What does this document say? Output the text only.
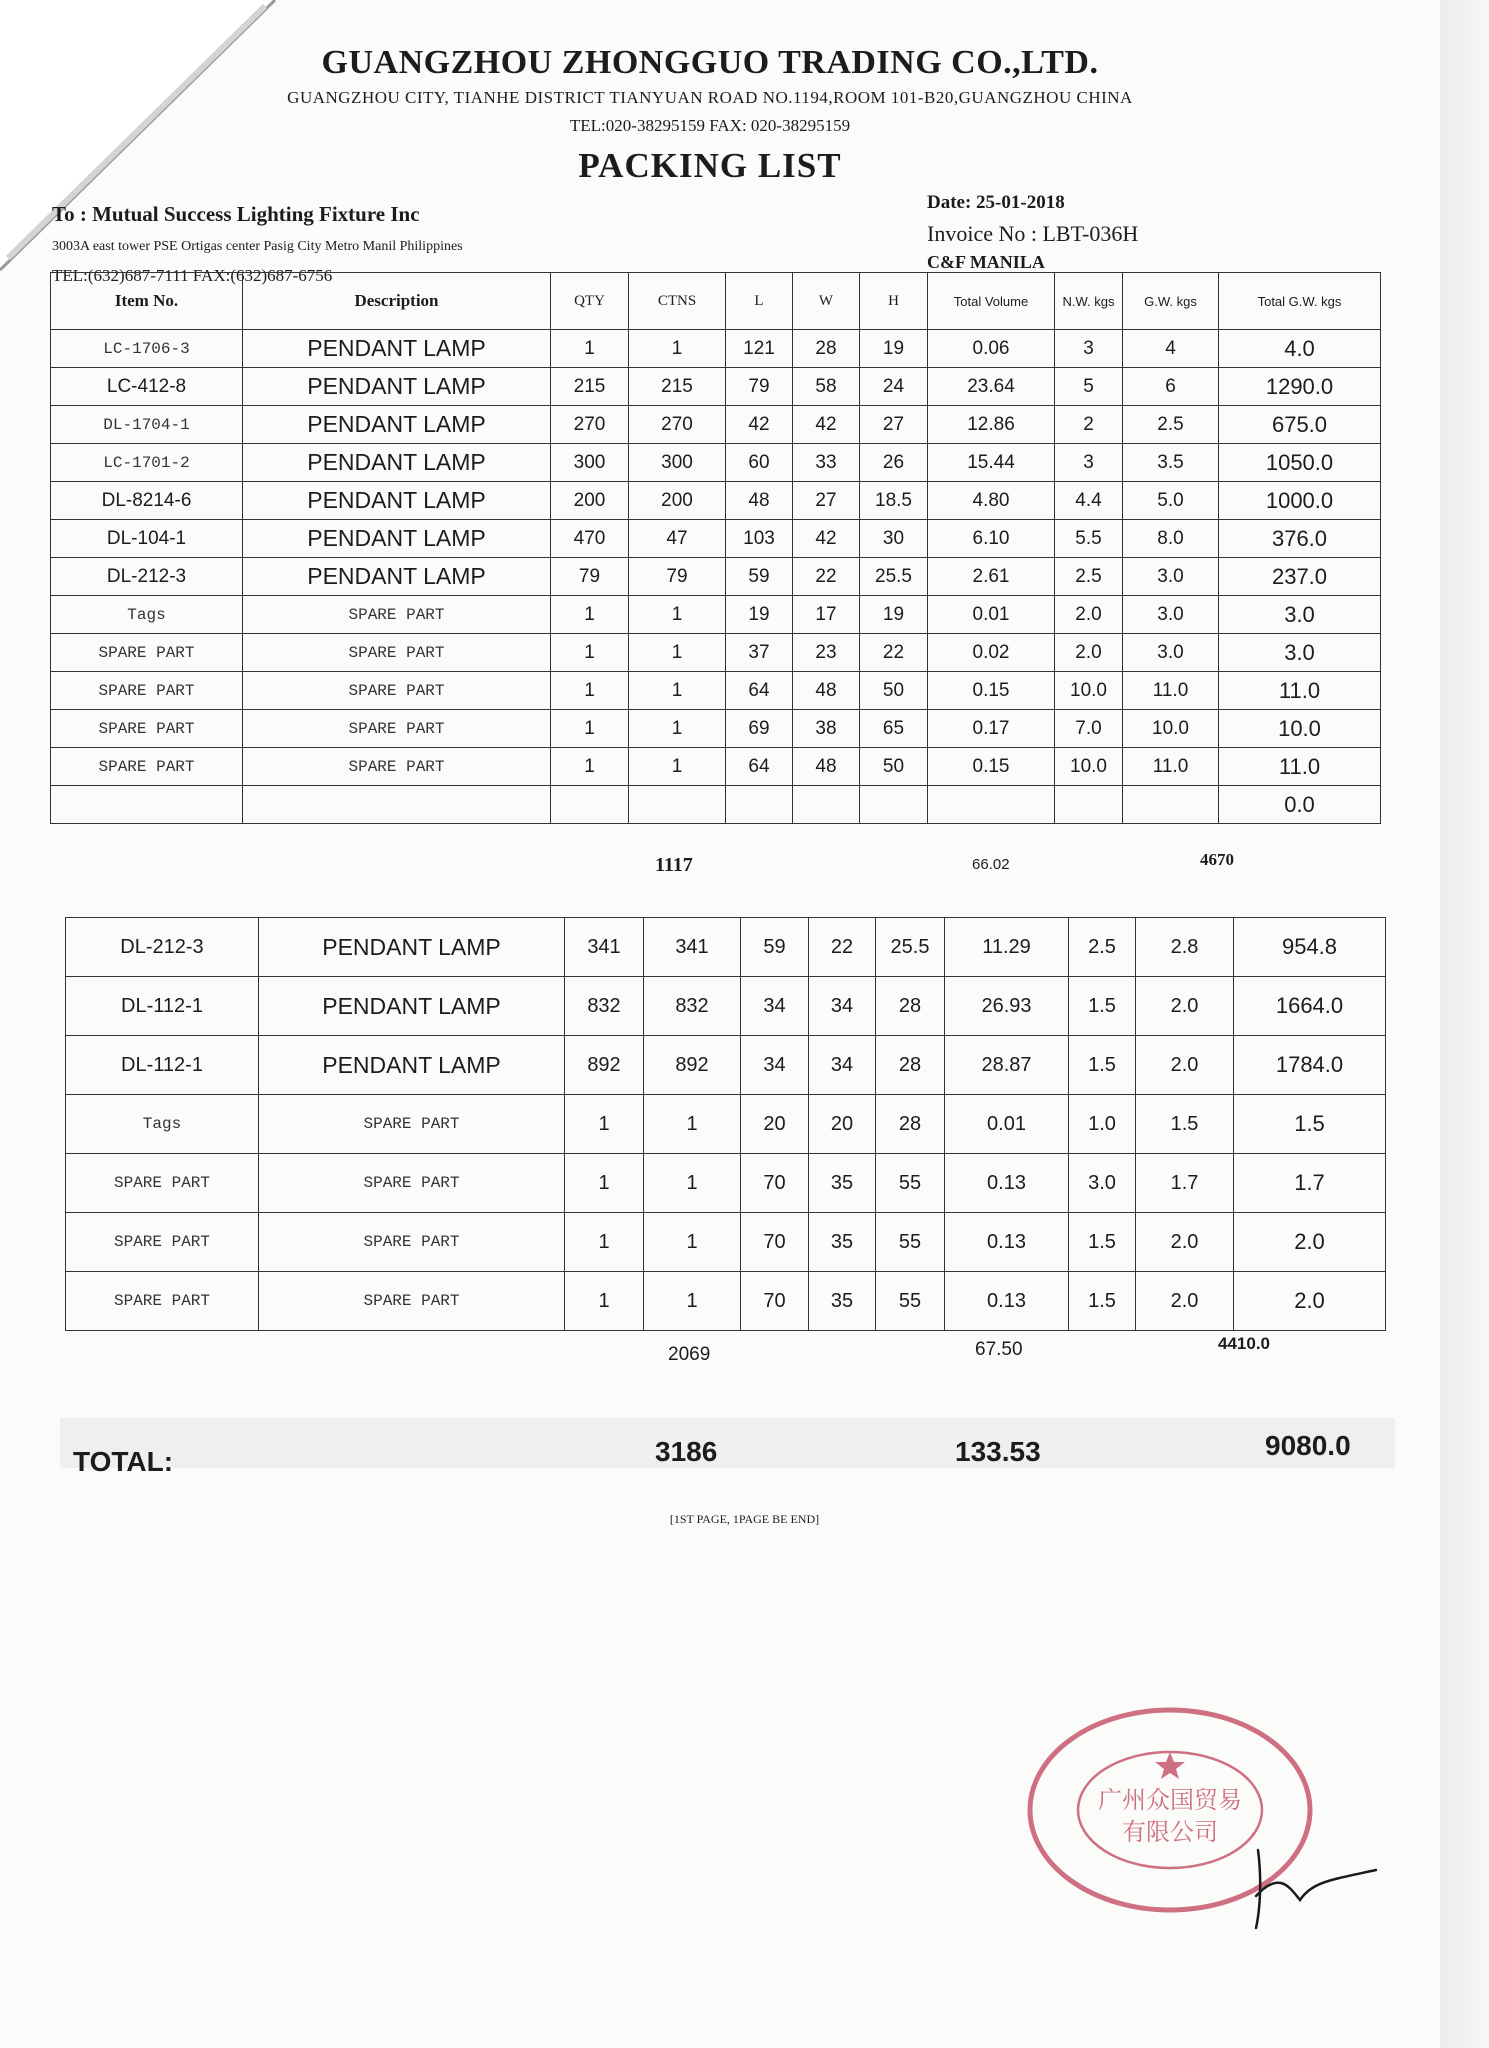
GUANGZHOU ZHONGGUO TRADING CO.,LTD.
GUANGZHOU CITY, TIANHE DISTRICT TIANYUAN ROAD NO.1194,ROOM 101-B20,GUANGZHOU CHINA
TEL:020-38295159 FAX: 020-38295159
PACKING LIST
To : Mutual Success Lighting Fixture Inc
3003A east tower PSE Ortigas center Pasig City Metro Manil Philippines
TEL:(632)687-7111 FAX:(632)687-6756
Date: 25-01-2018
Invoice No : LBT-036H
C&F MANILA
Item No.	Description	QTY	CTNS	L	W	H	Total Volume	N.W. kgs	G.W. kgs	Total G.W. kgs
LC-1706-3	PENDANT LAMP	1	1	121	28	19	0.06	3	4	4.0
LC-412-8	PENDANT LAMP	215	215	79	58	24	23.64	5	6	1290.0
DL-1704-1	PENDANT LAMP	270	270	42	42	27	12.86	2	2.5	675.0
LC-1701-2	PENDANT LAMP	300	300	60	33	26	15.44	3	3.5	1050.0
DL-8214-6	PENDANT LAMP	200	200	48	27	18.5	4.80	4.4	5.0	1000.0
DL-104-1	PENDANT LAMP	470	47	103	42	30	6.10	5.5	8.0	376.0
DL-212-3	PENDANT LAMP	79	79	59	22	25.5	2.61	2.5	3.0	237.0
Tags	SPARE PART	1	1	19	17	19	0.01	2.0	3.0	3.0
SPARE PART	SPARE PART	1	1	37	23	22	0.02	2.0	3.0	3.0
SPARE PART	SPARE PART	1	1	64	48	50	0.15	10.0	11.0	11.0
SPARE PART	SPARE PART	1	1	69	38	65	0.17	7.0	10.0	10.0
SPARE PART	SPARE PART	1	1	64	48	50	0.15	10.0	11.0	11.0
										0.0
1117	66.02	4670
DL-212-3	PENDANT LAMP	341	341	59	22	25.5	11.29	2.5	2.8	954.8
DL-112-1	PENDANT LAMP	832	832	34	34	28	26.93	1.5	2.0	1664.0
DL-112-1	PENDANT LAMP	892	892	34	34	28	28.87	1.5	2.0	1784.0
Tags	SPARE PART	1	1	20	20	28	0.01	1.0	1.5	1.5
SPARE PART	SPARE PART	1	1	70	35	55	0.13	3.0	1.7	1.7
SPARE PART	SPARE PART	1	1	70	35	55	0.13	1.5	2.0	2.0
SPARE PART	SPARE PART	1	1	70	35	55	0.13	1.5	2.0	2.0
2069	67.50	4410.0
TOTAL:	3186	133.53	9080.0
[1ST PAGE, 1PAGE BE END]
广州众国贸易
有限公司
